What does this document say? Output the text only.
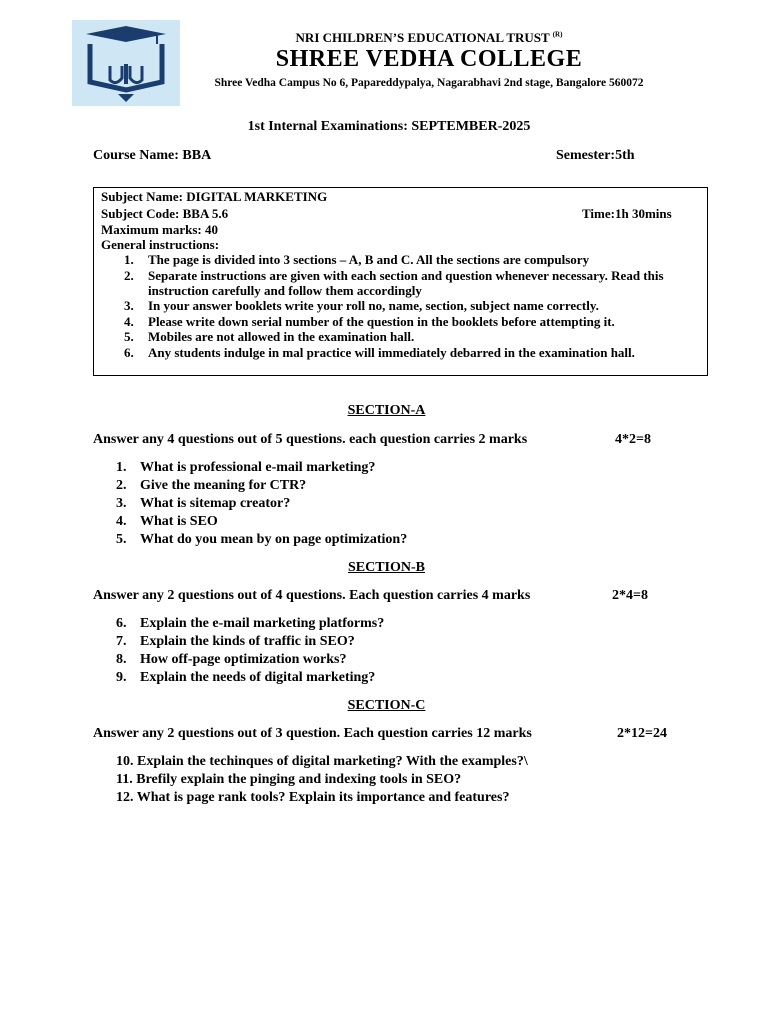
NRI CHILDREN’S EDUCATIONAL TRUST $^{(R)}$
SHREE VEDHA COLLEGE
Shree Vedha Campus No 6, Papareddypalya, Nagarabhavi 2nd stage, Bangalore 560072
1st Internal Examinations: SEPTEMBER-2025
Course Name: BBA	Semester:5th
Subject Name: DIGITAL MARKETING
Subject Code: BBA 5.6	Time:1h 30mins
Maximum marks: 40
General instructions:
1.	The page is divided into 3 sections – A, B and C. All the sections are compulsory
2.	Separate instructions are given with each section and question whenever necessary. Read this instruction carefully and follow them accordingly
3.	In your answer booklets write your roll no, name, section, subject name correctly.
4.	Please write down serial number of the question in the booklets before attempting it.
5.	Mobiles are not allowed in the examination hall.
6.	Any students indulge in mal practice will immediately debarred in the examination hall.
SECTION-A
Answer any 4 questions out of 5 questions. each question carries 2 marks	4*2=8
1. What is professional e-mail marketing?
2. Give the meaning for CTR?
3. What is sitemap creator?
4. What is SEO
5. What do you mean by on page optimization?
SECTION-B
Answer any 2 questions out of 4 questions. Each question carries 4 marks	2*4=8
6. Explain the e-mail marketing platforms?
7. Explain the kinds of traffic in SEO?
8. How off-page optimization works?
9. Explain the needs of digital marketing?
SECTION-C
Answer any 2 questions out of 3 question. Each question carries 12 marks	2*12=24
10. Explain the techinques of digital marketing? With the examples?\
11. Brefily explain the pinging and indexing tools in SEO?
12. What is page rank tools? Explain its importance and features?
